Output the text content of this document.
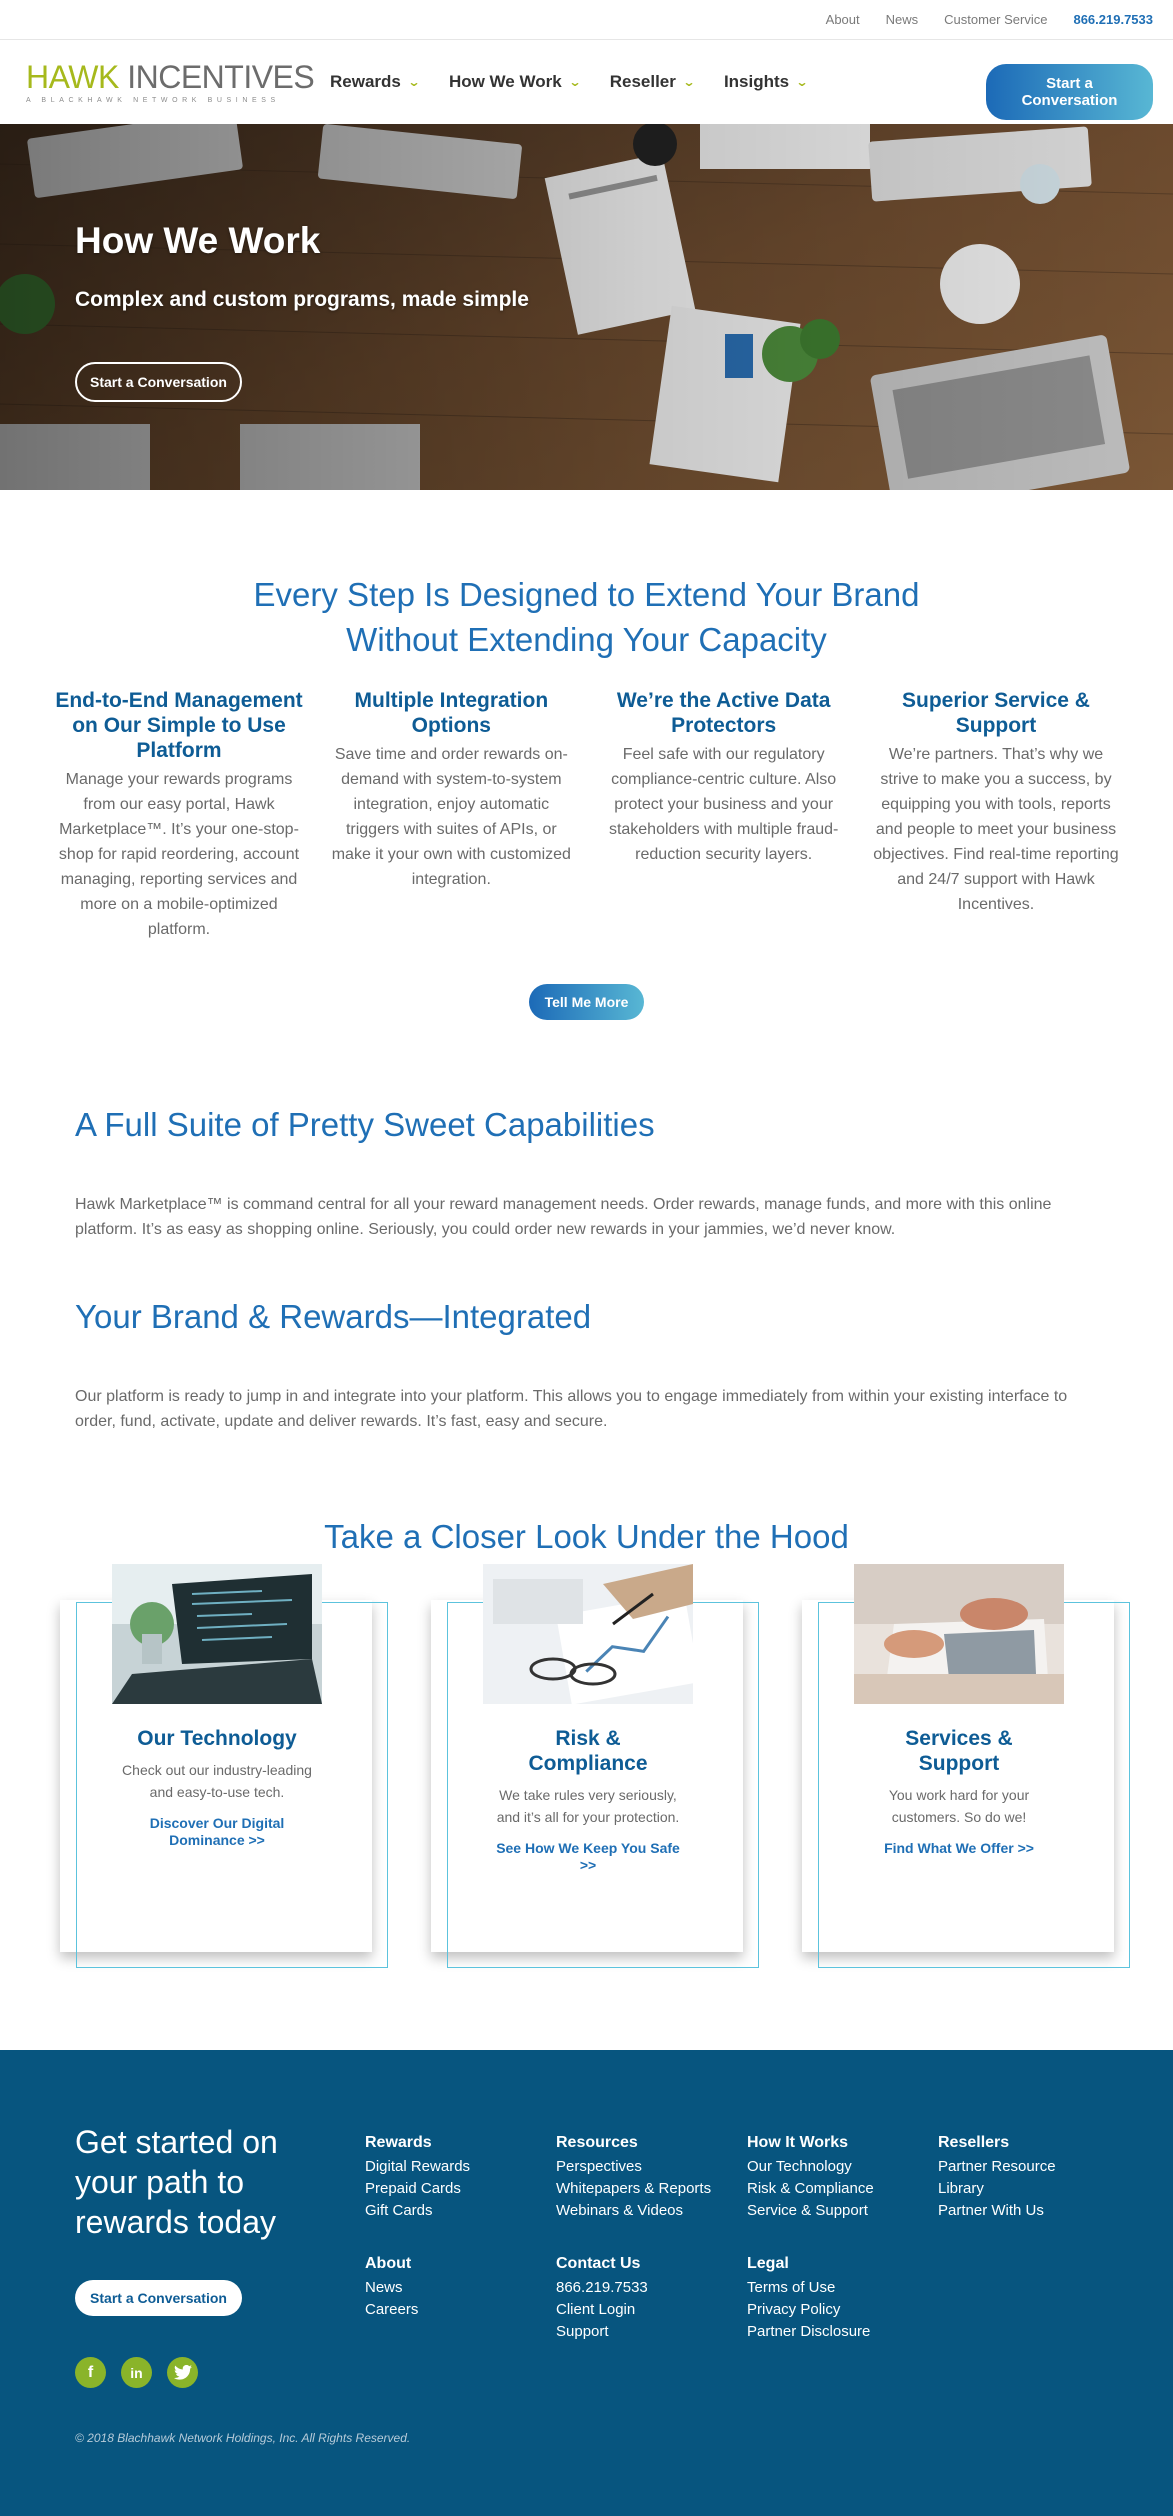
About News Customer Service 866.219.7533
HAWK INCENTIVES
A BLACKHAWK NETWORK BUSINESS
Rewards ⌄ How We Work ⌄ Reseller ⌄ Insights ⌄	Start a Conversation
How We Work
Complex and custom programs, made simple
Start a Conversation
Every Step Is Designed to Extend Your Brand
Without Extending Your Capacity
End-to-End Management on Our Simple to Use Platform

Manage your rewards programs from our easy portal, Hawk Marketplace™. It’s your one-stop-shop for rapid reordering, account managing, reporting services and more on a mobile-optimized platform.

Multiple Integration Options

Save time and order rewards on-demand with system-to-system integration, enjoy automatic triggers with suites of APIs, or make it your own with customized integration.

We’re the Active Data Protectors

Feel safe with our regulatory compliance-centric culture. Also protect your business and your stakeholders with multiple fraud-reduction security layers.

Superior Service & Support

We’re partners. That’s why we strive to make you a success, by equipping you with tools, reports and people to meet your business objectives. Find real-time reporting and 24/7 support with Hawk Incentives.

Tell Me More
A Full Suite of Pretty Sweet Capabilities

Hawk Marketplace™ is command central for all your reward management needs. Order rewards, manage funds, and more with this online platform. It’s as easy as shopping online. Seriously, you could order new rewards in your jammies, we’d never know.

Your Brand & Rewards—Integrated

Our platform is ready to jump in and integrate into your platform. This allows you to engage immediately from within your existing interface to order, fund, activate, update and deliver rewards. It’s fast, easy and secure.

Take a Closer Look Under the Hood
Our Technology

Check out our industry-leading and easy-to-use tech.

Discover Our Digital Dominance >>
Risk & Compliance

We take rules very seriously, and it’s all for your protection.

See How We Keep You Safe >>
Services & Support

You work hard for your customers. So do we!

Find What We Offer >>
Get started on your path to rewards today
Start a Conversation
f	in
© 2018 Blachhawk Network Holdings, Inc. All Rights Reserved.
Rewards
Digital Rewards
Prepaid Cards
Gift Cards
Resources
Perspectives
Whitepapers & Reports
Webinars & Videos
How It Works
Our Technology
Risk & Compliance
Service & Support
Resellers
Partner Resource
Library
Partner With Us
About
News
Careers
Contact Us
866.219.7533
Client Login
Support
Legal
Terms of Use
Privacy Policy
Partner Disclosure
